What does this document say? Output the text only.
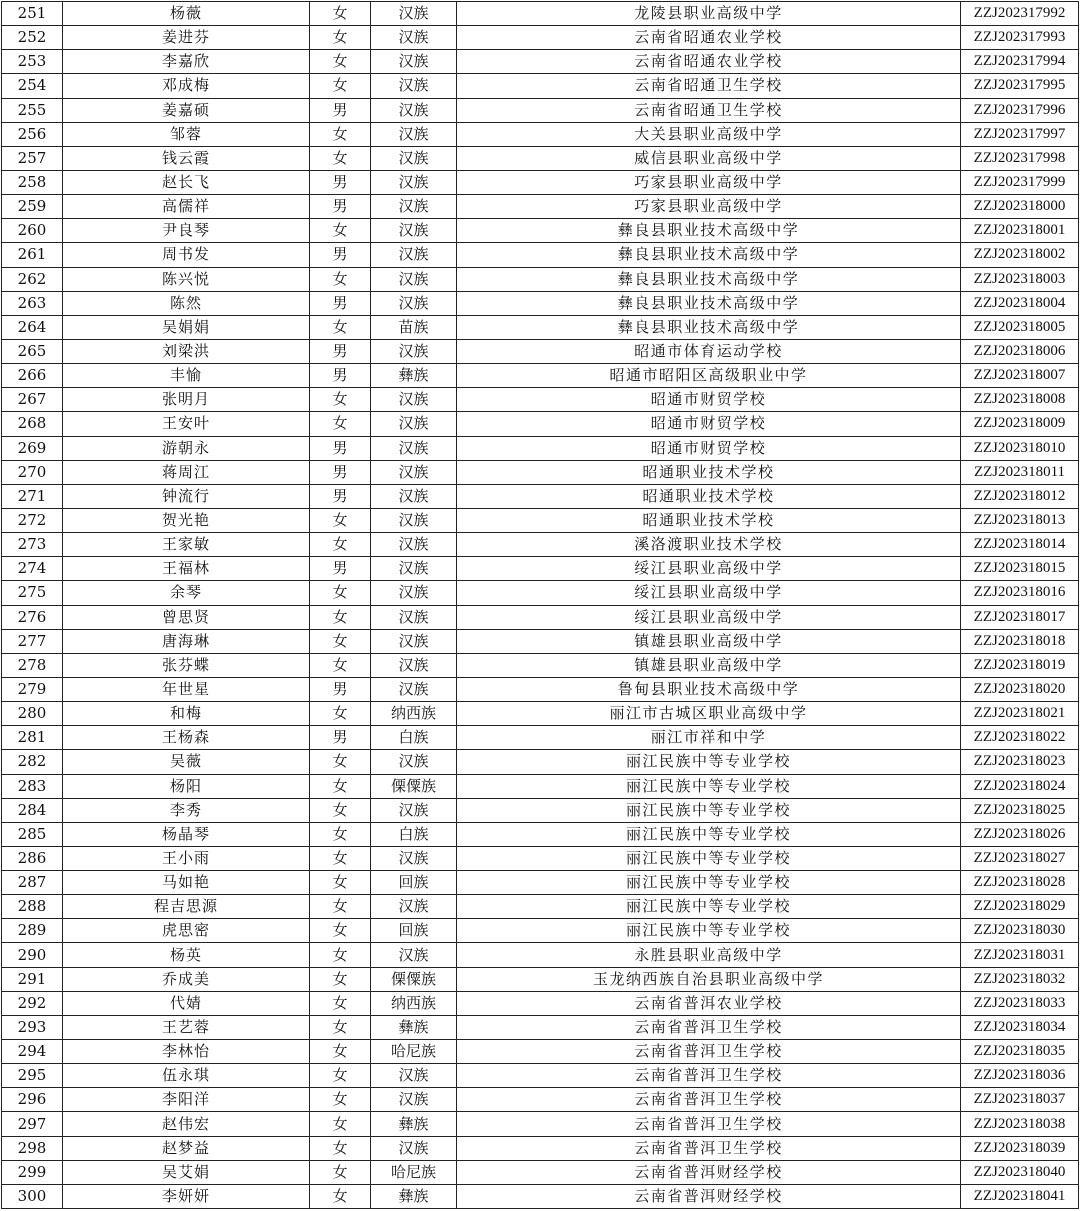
251	杨薇	女	汉族	龙陵县职业高级中学	ZZJ202317992
252	姜进芬	女	汉族	云南省昭通农业学校	ZZJ202317993
253	李嘉欣	女	汉族	云南省昭通农业学校	ZZJ202317994
254	邓成梅	女	汉族	云南省昭通卫生学校	ZZJ202317995
255	姜嘉硕	男	汉族	云南省昭通卫生学校	ZZJ202317996
256	邹蓉	女	汉族	大关县职业高级中学	ZZJ202317997
257	钱云霞	女	汉族	威信县职业高级中学	ZZJ202317998
258	赵长飞	男	汉族	巧家县职业高级中学	ZZJ202317999
259	高儒祥	男	汉族	巧家县职业高级中学	ZZJ202318000
260	尹良琴	女	汉族	彝良县职业技术高级中学	ZZJ202318001
261	周书发	男	汉族	彝良县职业技术高级中学	ZZJ202318002
262	陈兴悦	女	汉族	彝良县职业技术高级中学	ZZJ202318003
263	陈然	男	汉族	彝良县职业技术高级中学	ZZJ202318004
264	吴娟娟	女	苗族	彝良县职业技术高级中学	ZZJ202318005
265	刘梁洪	男	汉族	昭通市体育运动学校	ZZJ202318006
266	丰愉	男	彝族	昭通市昭阳区高级职业中学	ZZJ202318007
267	张明月	女	汉族	昭通市财贸学校	ZZJ202318008
268	王安叶	女	汉族	昭通市财贸学校	ZZJ202318009
269	游朝永	男	汉族	昭通市财贸学校	ZZJ202318010
270	蒋周江	男	汉族	昭通职业技术学校	ZZJ202318011
271	钟流行	男	汉族	昭通职业技术学校	ZZJ202318012
272	贺光艳	女	汉族	昭通职业技术学校	ZZJ202318013
273	王家敏	女	汉族	溪洛渡职业技术学校	ZZJ202318014
274	王福林	男	汉族	绥江县职业高级中学	ZZJ202318015
275	余琴	女	汉族	绥江县职业高级中学	ZZJ202318016
276	曾思贤	女	汉族	绥江县职业高级中学	ZZJ202318017
277	唐海琳	女	汉族	镇雄县职业高级中学	ZZJ202318018
278	张芬蝶	女	汉族	镇雄县职业高级中学	ZZJ202318019
279	年世星	男	汉族	鲁甸县职业技术高级中学	ZZJ202318020
280	和梅	女	纳西族	丽江市古城区职业高级中学	ZZJ202318021
281	王杨森	男	白族	丽江市祥和中学	ZZJ202318022
282	吴薇	女	汉族	丽江民族中等专业学校	ZZJ202318023
283	杨阳	女	傈僳族	丽江民族中等专业学校	ZZJ202318024
284	李秀	女	汉族	丽江民族中等专业学校	ZZJ202318025
285	杨晶琴	女	白族	丽江民族中等专业学校	ZZJ202318026
286	王小雨	女	汉族	丽江民族中等专业学校	ZZJ202318027
287	马如艳	女	回族	丽江民族中等专业学校	ZZJ202318028
288	程吉思源	女	汉族	丽江民族中等专业学校	ZZJ202318029
289	虎思密	女	回族	丽江民族中等专业学校	ZZJ202318030
290	杨英	女	汉族	永胜县职业高级中学	ZZJ202318031
291	乔成美	女	傈僳族	玉龙纳西族自治县职业高级中学	ZZJ202318032
292	代婧	女	纳西族	云南省普洱农业学校	ZZJ202318033
293	王艺蓉	女	彝族	云南省普洱卫生学校	ZZJ202318034
294	李林怡	女	哈尼族	云南省普洱卫生学校	ZZJ202318035
295	伍永琪	女	汉族	云南省普洱卫生学校	ZZJ202318036
296	李阳洋	女	汉族	云南省普洱卫生学校	ZZJ202318037
297	赵伟宏	女	彝族	云南省普洱卫生学校	ZZJ202318038
298	赵梦益	女	汉族	云南省普洱卫生学校	ZZJ202318039
299	吴艾娟	女	哈尼族	云南省普洱财经学校	ZZJ202318040
300	李妍妍	女	彝族	云南省普洱财经学校	ZZJ202318041
